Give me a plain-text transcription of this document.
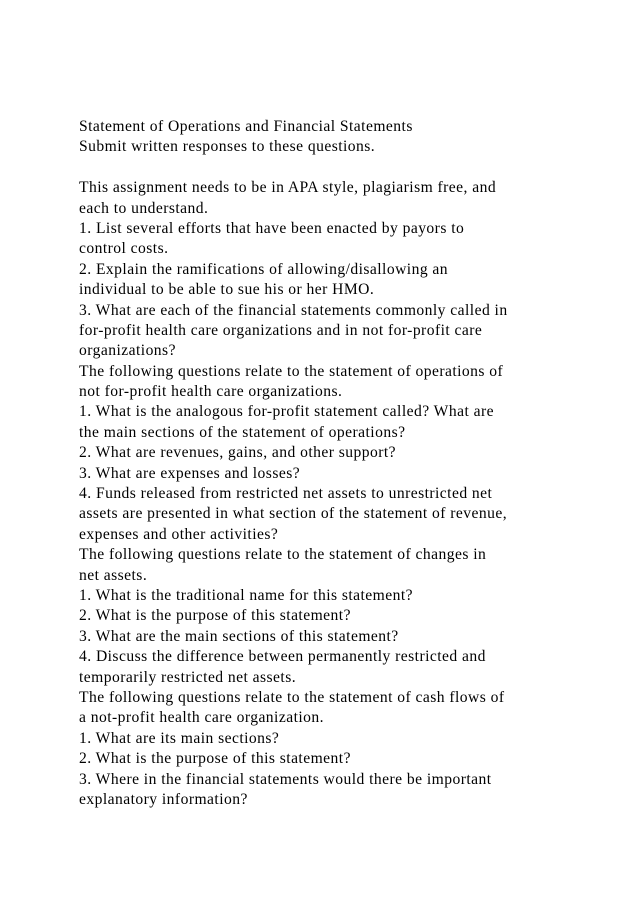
Statement of Operations and Financial Statements
Submit written responses to these questions.
This assignment needs to be in APA style, plagiarism free, and
each to understand.
1. List several efforts that have been enacted by payors to
control costs.
2. Explain the ramifications of allowing/disallowing an
individual to be able to sue his or her HMO.
3. What are each of the financial statements commonly called in
for-profit health care organizations and in not for-profit care
organizations?
The following questions relate to the statement of operations of
not for-profit health care organizations.
1. What is the analogous for-profit statement called? What are
the main sections of the statement of operations?
2. What are revenues, gains, and other support?
3. What are expenses and losses?
4. Funds released from restricted net assets to unrestricted net
assets are presented in what section of the statement of revenue,
expenses and other activities?
The following questions relate to the statement of changes in
net assets.
1. What is the traditional name for this statement?
2. What is the purpose of this statement?
3. What are the main sections of this statement?
4. Discuss the difference between permanently restricted and
temporarily restricted net assets.
The following questions relate to the statement of cash flows of
a not-profit health care organization.
1. What are its main sections?
2. What is the purpose of this statement?
3. Where in the financial statements would there be important
explanatory information?
